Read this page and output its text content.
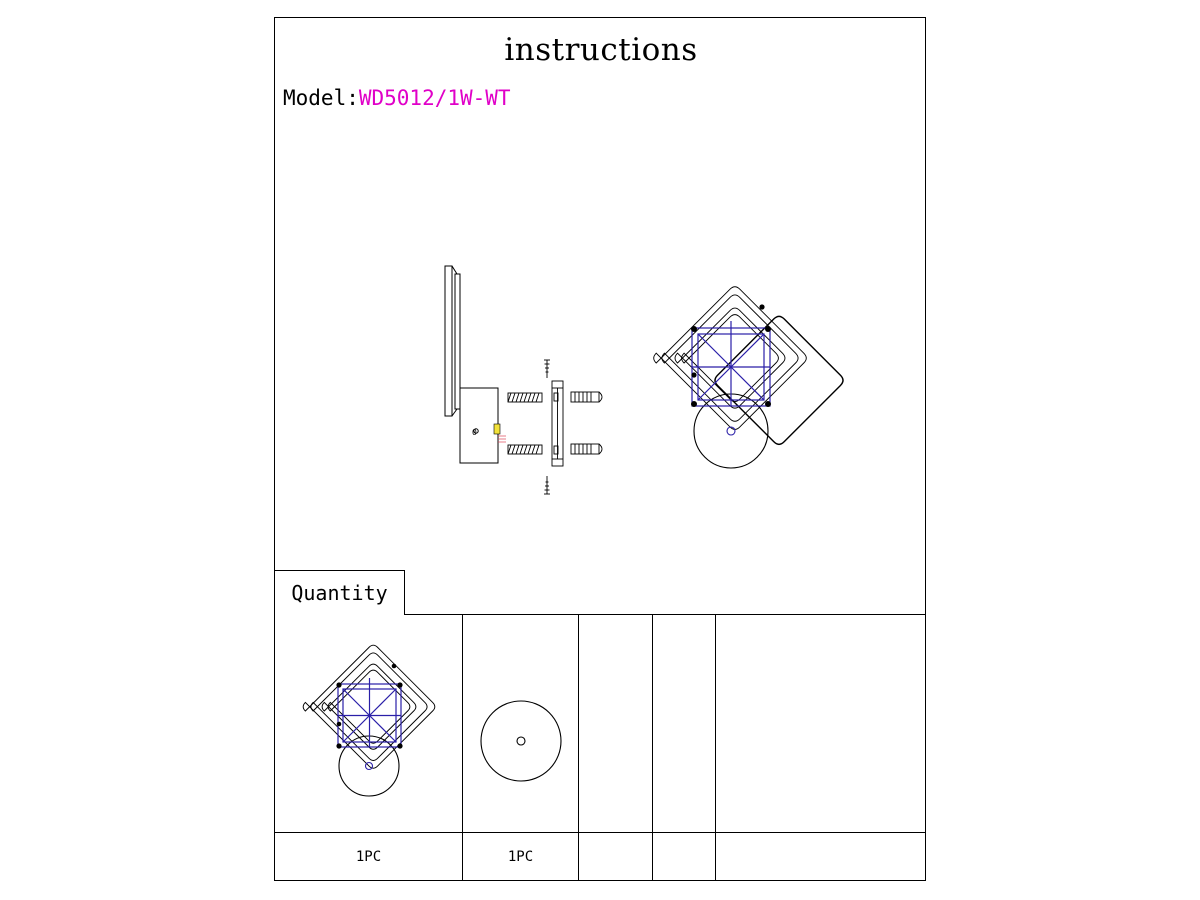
instructions
Model:WD5012/1W-WT
0
Quantity
1PC	1PC
